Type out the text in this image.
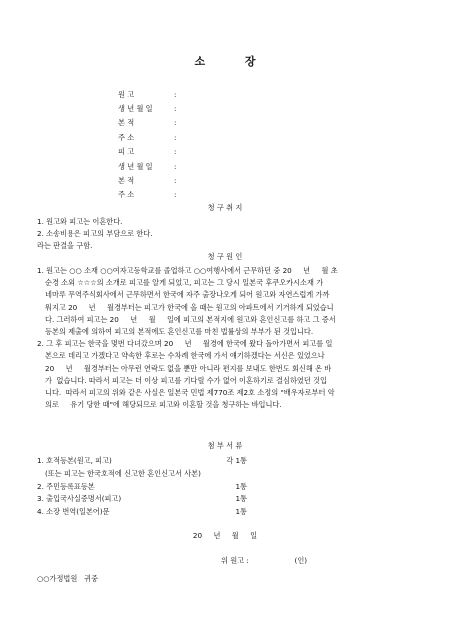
소 장
원 고	:
생 년 월 일	:
본 적	:
주 소	:
피 고	:
생 년 월 일	:
본 적	:
주 소	:
청 구 취 지
1. 원고와 피고는 이혼한다.
2. 소송비용은 피고의 부담으로 한다.
라는 판결을 구함.
청 구 원 인
1. 원고는 ○○ 소재 ○○여자고등학교를 졸업하고 ○○여행사에서 근무하던 중 20     년     월 초
순경 소외 ☆☆☆의 소개로 피고를 알게 되었고, 피고는 그 당시 일본국 후쿠오카시소재 가
네마루 무역주식회사에서 근무하면서 한국에 자주 출장나오게 되어 원고와 자연스럽게 가까
워지고 20     년     월경부터는 피고가 한국에 올 때는 원고의 아파트에서 기거하게 되었습니
다. 그러하여 피고는 20     년     월     일에 피고의 본적지에 원고와 혼인신고를 하고 그 증서
등본의 제출에 의하여 피고의 본적에도 혼인신고를 마친 법률상의 부부가 된 것입니다.
2. 그 후 피고는 한국을 몇번 다녀갔으며 20     년     월경에 한국에 왔다 돌아가면서 피고를 일
본으로 데리고 가겠다고 약속한 후로는 수차례 한국에 가서 얘기하겠다는 서신은 있었으나
20     년     월경부터는 아무런 연락도 없을 뿐만 아니라 편지를 보내도 한번도 회신해 온 바
가  없습니다. 따라서 피고는 더 이상 피고를 기다릴 수가 없어 이혼하기로 결심하였던 것입
니다.  따라서 피고의 위와 같은 사실은 일본국 민법 제770조 제2호 소정의 "배우자로부터 악
의로     유기 당한 때"에 해당되므로 피고와 이혼할 것을 청구하는 바입니다.
첨 부 서 류
1. 호적등본(원고, 피고)	각 1통
(또는 피고는 한국호적에 신고한 혼인신고서 사본)
2. 주민등록표등본	1통
3. 출입국사실증명서(피고)	1통
4. 소장 번역(일본어)문	1통
20     년     월     일
위 원고 :                    (인)
○○가정법원   귀중
